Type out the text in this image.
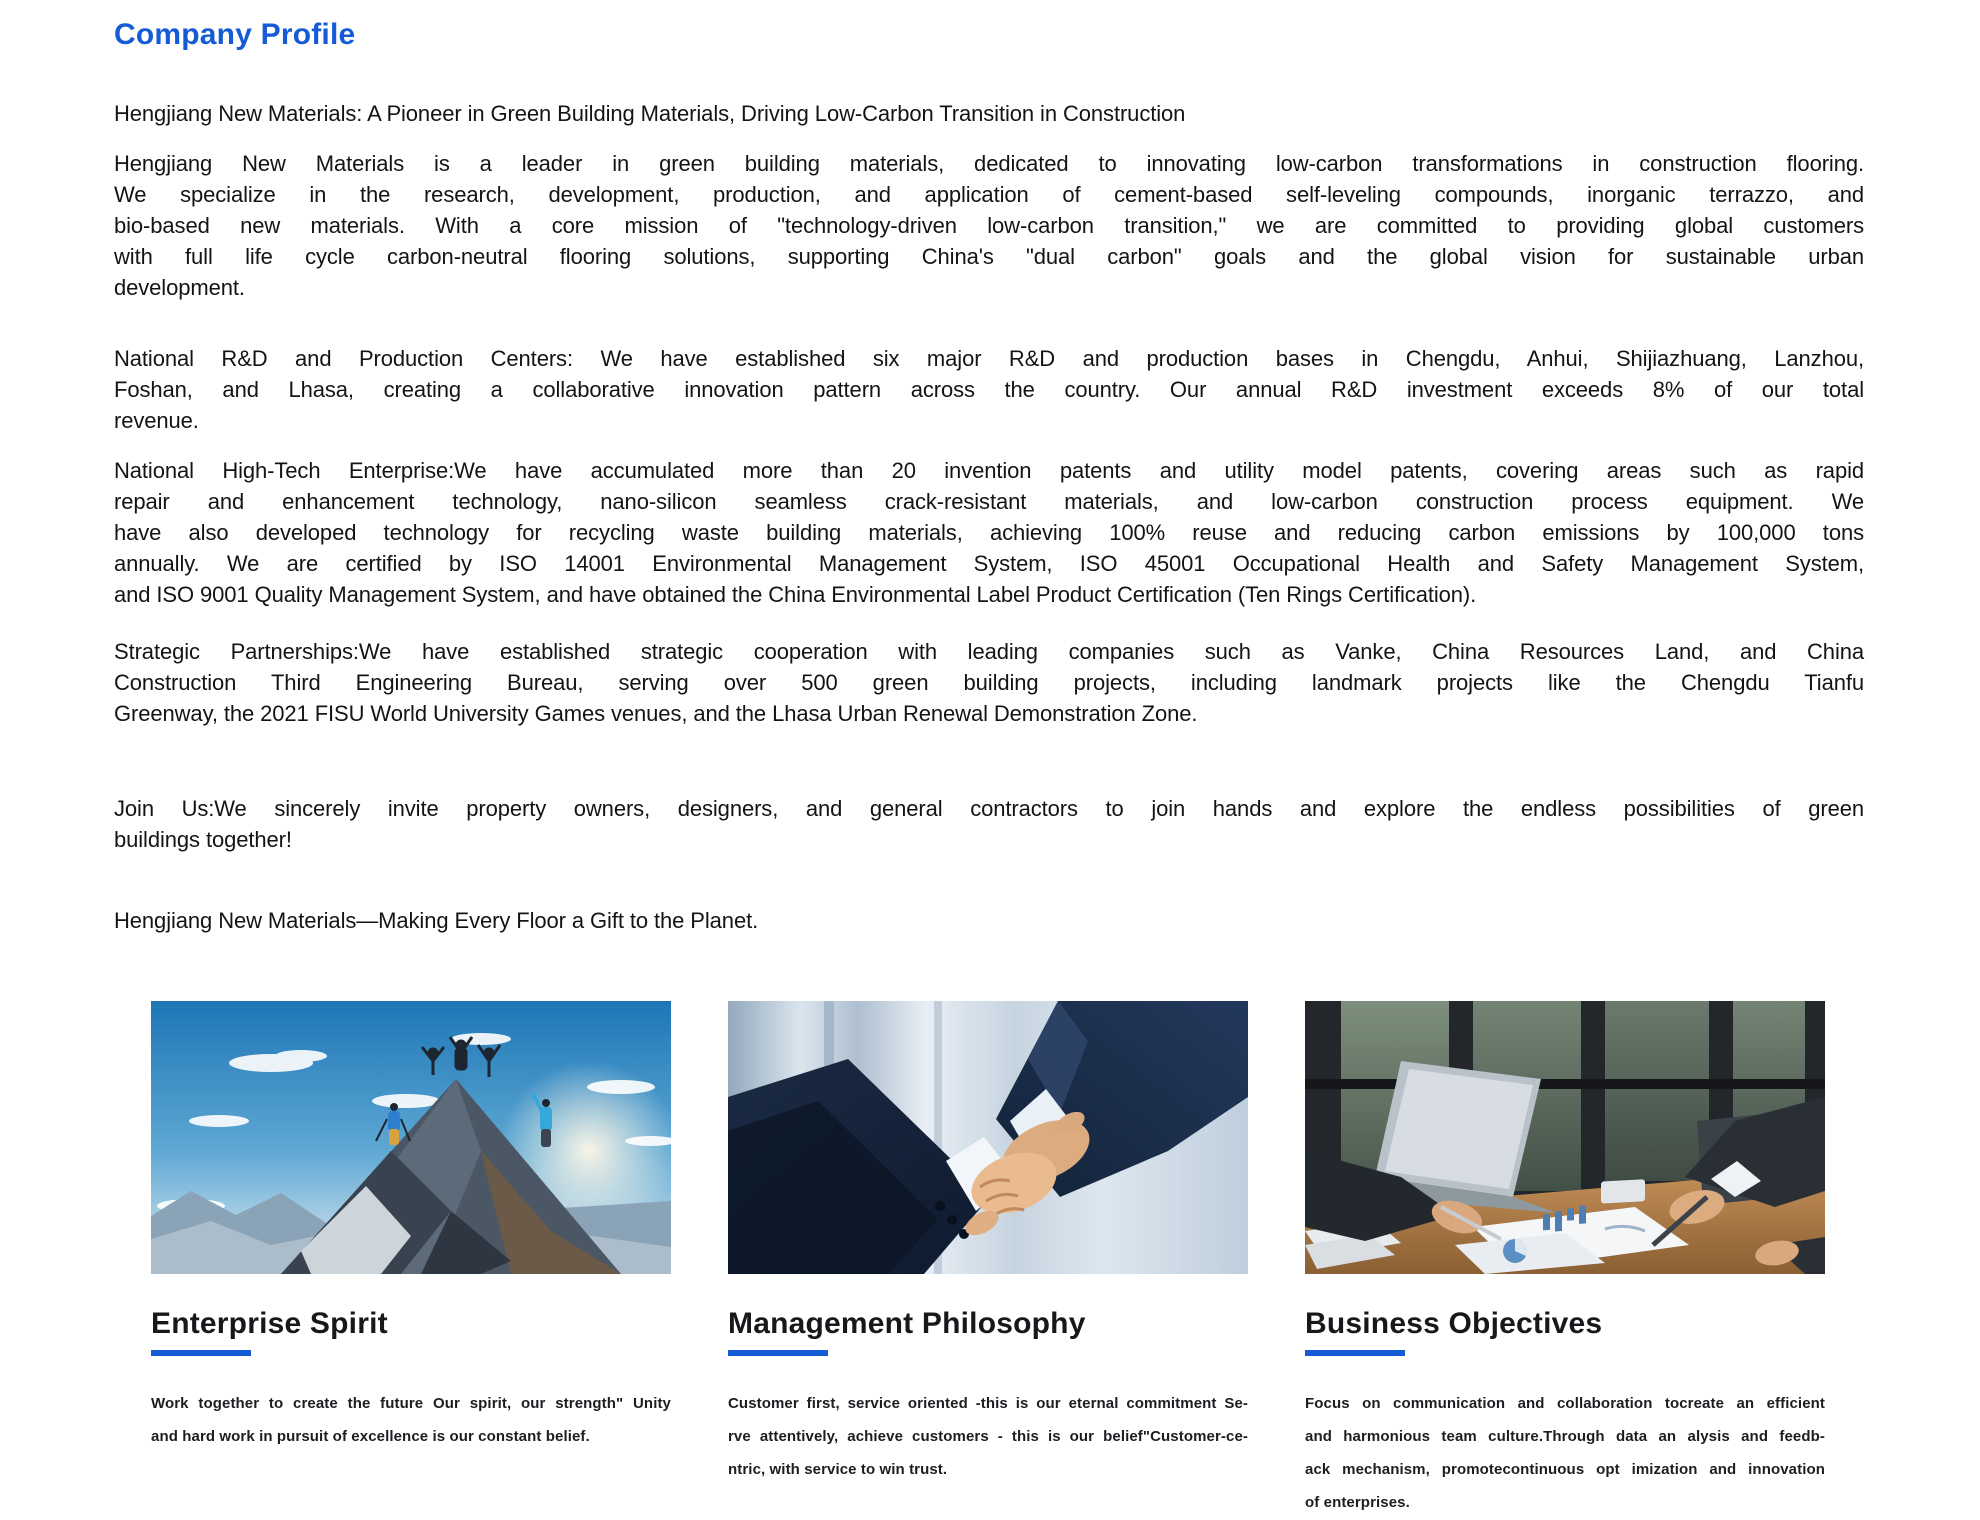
Company Profile
Hengjiang New Materials: A Pioneer in Green Building Materials, Driving Low-Carbon Transition in Construction
Hengjiang New Materials is a leader in green building materials, dedicated to innovating low-carbon transformations in construction flooring.
We specialize in the research, development, production, and application of cement-based self-leveling compounds, inorganic terrazzo, and
bio-based new materials. With a core mission of "technology-driven low-carbon transition," we are committed to providing global customers
with full life cycle carbon-neutral flooring solutions, supporting China's "dual carbon" goals and the global vision for sustainable urban
development.
National R&D and Production Centers: We have established six major R&D and production bases in Chengdu, Anhui, Shijiazhuang, Lanzhou,
Foshan, and Lhasa, creating a collaborative innovation pattern across the country. Our annual R&D investment exceeds 8% of our total
revenue.
National High-Tech Enterprise:We have accumulated more than 20 invention patents and utility model patents, covering areas such as rapid
repair and enhancement technology, nano-silicon seamless crack-resistant materials, and low-carbon construction process equipment. We
have also developed technology for recycling waste building materials, achieving 100% reuse and reducing carbon emissions by 100,000 tons
annually. We are certified by ISO 14001 Environmental Management System, ISO 45001 Occupational Health and Safety Management System,
and ISO 9001 Quality Management System, and have obtained the China Environmental Label Product Certification (Ten Rings Certification).
Strategic Partnerships:We have established strategic cooperation with leading companies such as Vanke, China Resources Land, and China
Construction Third Engineering Bureau, serving over 500 green building projects, including landmark projects like the Chengdu Tianfu
Greenway, the 2021 FISU World University Games venues, and the Lhasa Urban Renewal Demonstration Zone.
Join Us:We sincerely invite property owners, designers, and general contractors to join hands and explore the endless possibilities of green
buildings together!
Hengjiang New Materials—Making Every Floor a Gift to the Planet.
Enterprise Spirit
Work together to create the future Our spirit, our strength" Unity
and hard work in pursuit of excellence is our constant belief.
Management Philosophy
Customer first, service oriented -this is our eternal commitment Se-
rve attentively, achieve customers - this is our belief"Customer-ce-
ntric, with service to win trust.
Business Objectives
Focus on communication and collaboration tocreate an efficient
and harmonious team culture.Through data an alysis and feedb-
ack mechanism, promotecontinuous opt imization and innovation
of enterprises.
